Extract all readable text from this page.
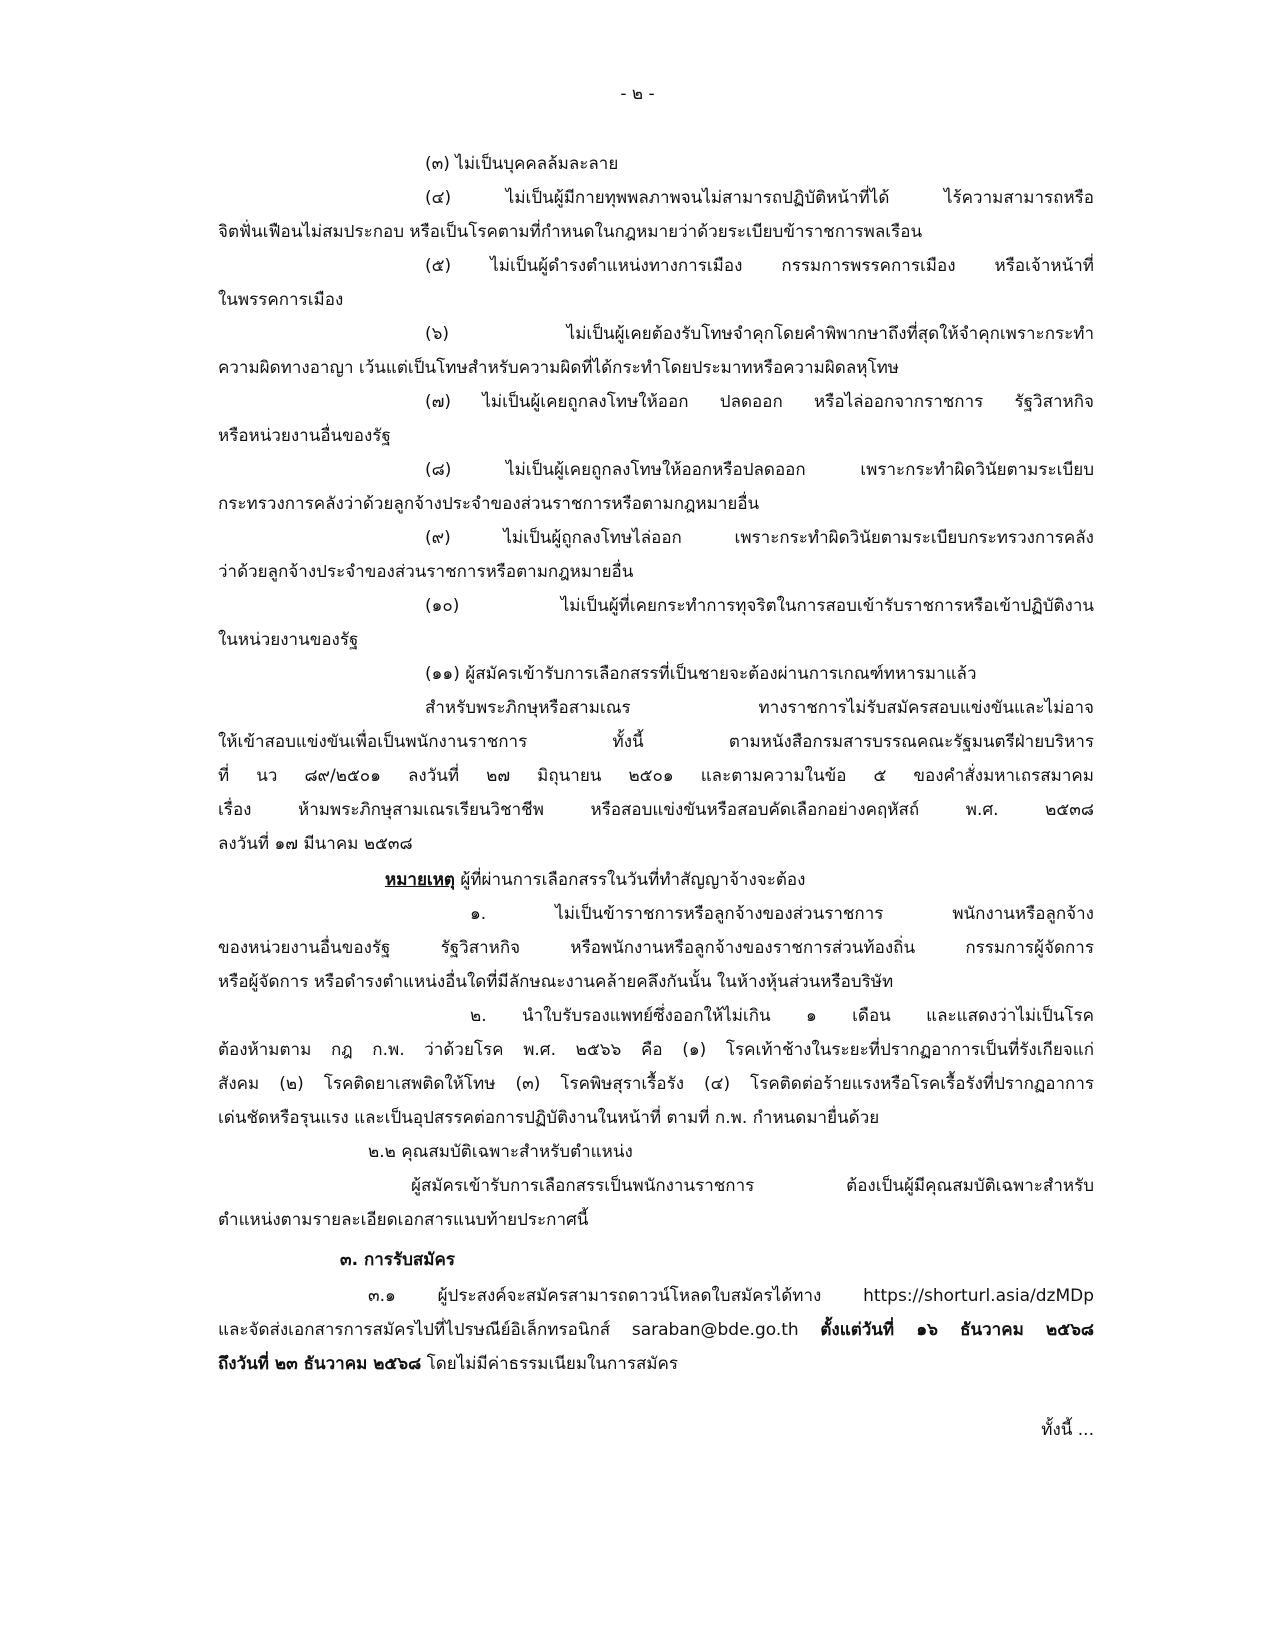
- ๒ -
(๓) ไม่เป็นบุคคลล้มละลาย
(๔) ไม่เป็นผู้มีกายทุพพลภาพจนไม่สามารถปฏิบัติหน้าที่ได้ ไร้ความสามารถหรือ
จิตฟั่นเฟือนไม่สมประกอบ หรือเป็นโรคตามที่กำหนดในกฎหมายว่าด้วยระเบียบข้าราชการพลเรือน
(๕) ไม่เป็นผู้ดำรงตำแหน่งทางการเมือง กรรมการพรรคการเมือง หรือเจ้าหน้าที่
ในพรรคการเมือง
(๖) ไม่เป็นผู้เคยต้องรับโทษจำคุกโดยคำพิพากษาถึงที่สุดให้จำคุกเพราะกระทำ
ความผิดทางอาญา เว้นแต่เป็นโทษสำหรับความผิดที่ได้กระทำโดยประมาทหรือความผิดลหุโทษ
(๗) ไม่เป็นผู้เคยถูกลงโทษให้ออก ปลดออก หรือไล่ออกจากราชการ รัฐวิสาหกิจ
หรือหน่วยงานอื่นของรัฐ
(๘) ไม่เป็นผู้เคยถูกลงโทษให้ออกหรือปลดออก เพราะกระทำผิดวินัยตามระเบียบ
กระทรวงการคลังว่าด้วยลูกจ้างประจำของส่วนราชการหรือตามกฎหมายอื่น
(๙) ไม่เป็นผู้ถูกลงโทษไล่ออก เพราะกระทำผิดวินัยตามระเบียบกระทรวงการคลัง
ว่าด้วยลูกจ้างประจำของส่วนราชการหรือตามกฎหมายอื่น
(๑๐) ไม่เป็นผู้ที่เคยกระทำการทุจริตในการสอบเข้ารับราชการหรือเข้าปฏิบัติงาน
ในหน่วยงานของรัฐ
(๑๑) ผู้สมัครเข้ารับการเลือกสรรที่เป็นชายจะต้องผ่านการเกณฑ์ทหารมาแล้ว
สำหรับพระภิกษุหรือสามเณร ทางราชการไม่รับสมัครสอบแข่งขันและไม่อาจ
ให้เข้าสอบแข่งขันเพื่อเป็นพนักงานราชการ ทั้งนี้ ตามหนังสือกรมสารบรรณคณะรัฐมนตรีฝ่ายบริหาร
ที่ นว ๘๙/๒๕๐๑ ลงวันที่ ๒๗ มิถุนายน ๒๕๐๑ และตามความในข้อ ๕ ของคำสั่งมหาเถรสมาคม
เรื่อง ห้ามพระภิกษุสามเณรเรียนวิชาชีพ หรือสอบแข่งขันหรือสอบคัดเลือกอย่างคฤหัสถ์ พ.ศ. ๒๕๓๘
ลงวันที่ ๑๗ มีนาคม ๒๕๓๘
หมายเหตุ ผู้ที่ผ่านการเลือกสรรในวันที่ทำสัญญาจ้างจะต้อง
๑. ไม่เป็นข้าราชการหรือลูกจ้างของส่วนราชการ พนักงานหรือลูกจ้าง
ของหน่วยงานอื่นของรัฐ รัฐวิสาหกิจ หรือพนักงานหรือลูกจ้างของราชการส่วนท้องถิ่น กรรมการผู้จัดการ
หรือผู้จัดการ หรือดำรงตำแหน่งอื่นใดที่มีลักษณะงานคล้ายคลึงกันนั้น ในห้างหุ้นส่วนหรือบริษัท
๒. นำใบรับรองแพทย์ซึ่งออกให้ไม่เกิน ๑ เดือน และแสดงว่าไม่เป็นโรค
ต้องห้ามตาม กฎ ก.พ. ว่าด้วยโรค พ.ศ. ๒๕๖๖ คือ (๑) โรคเท้าช้างในระยะที่ปรากฏอาการเป็นที่รังเกียจแก่
สังคม (๒) โรคติดยาเสพติดให้โทษ (๓) โรคพิษสุราเรื้อรัง (๔) โรคติดต่อร้ายแรงหรือโรคเรื้อรังที่ปรากฏอาการ
เด่นชัดหรือรุนแรง และเป็นอุปสรรคต่อการปฏิบัติงานในหน้าที่ ตามที่ ก.พ. กำหนดมายื่นด้วย
๒.๒ คุณสมบัติเฉพาะสำหรับตำแหน่ง
ผู้สมัครเข้ารับการเลือกสรรเป็นพนักงานราชการ ต้องเป็นผู้มีคุณสมบัติเฉพาะสำหรับ
ตำแหน่งตามรายละเอียดเอกสารแนบท้ายประกาศนี้
๓. การรับสมัคร
๓.๑ ผู้ประสงค์จะสมัครสามารถดาวน์โหลดใบสมัครได้ทาง https://shorturl.asia/dzMDp
และจัดส่งเอกสารการสมัครไปที่ไปรษณีย์อิเล็กทรอนิกส์ saraban@bde.go.th ตั้งแต่วันที่ ๑๖ ธันวาคม ๒๕๖๘
ถึงวันที่ ๒๓ ธันวาคม ๒๕๖๘ โดยไม่มีค่าธรรมเนียมในการสมัคร
ทั้งนี้ ...
